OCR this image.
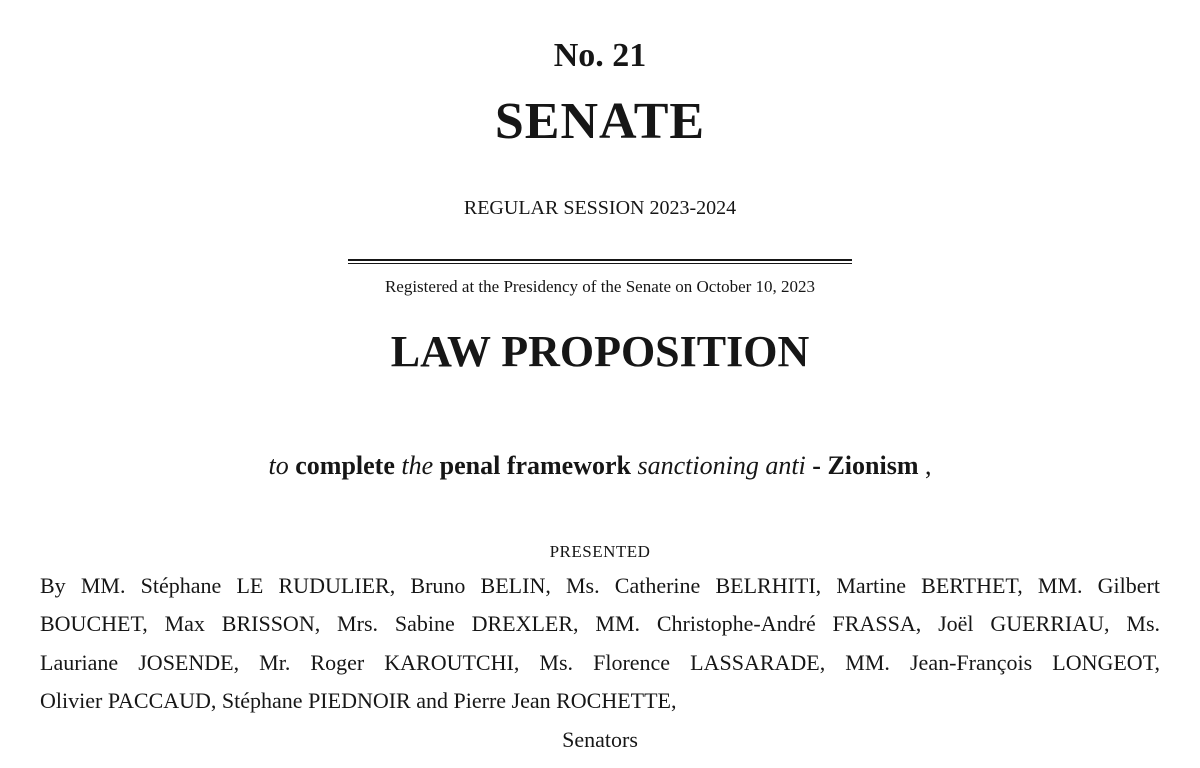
No. 21
SENATE
REGULAR SESSION 2023-2024
Registered at the Presidency of the Senate on October 10, 2023
LAW PROPOSITION
to complete the penal framework sanctioning anti - Zionism ,
PRESENTED
By MM. Stéphane LE RUDULIER, Bruno BELIN, Ms. Catherine BELRHITI, Martine BERTHET, MM. Gilbert
BOUCHET, Max BRISSON, Mrs. Sabine DREXLER, MM. Christophe-André FRASSA, Joël GUERRIAU, Ms.
Lauriane JOSENDE, Mr. Roger KAROUTCHI, Ms. Florence LASSARADE, MM. Jean-François LONGEOT,
Olivier PACCAUD, Stéphane PIEDNOIR and Pierre Jean ROCHETTE,
Senators
